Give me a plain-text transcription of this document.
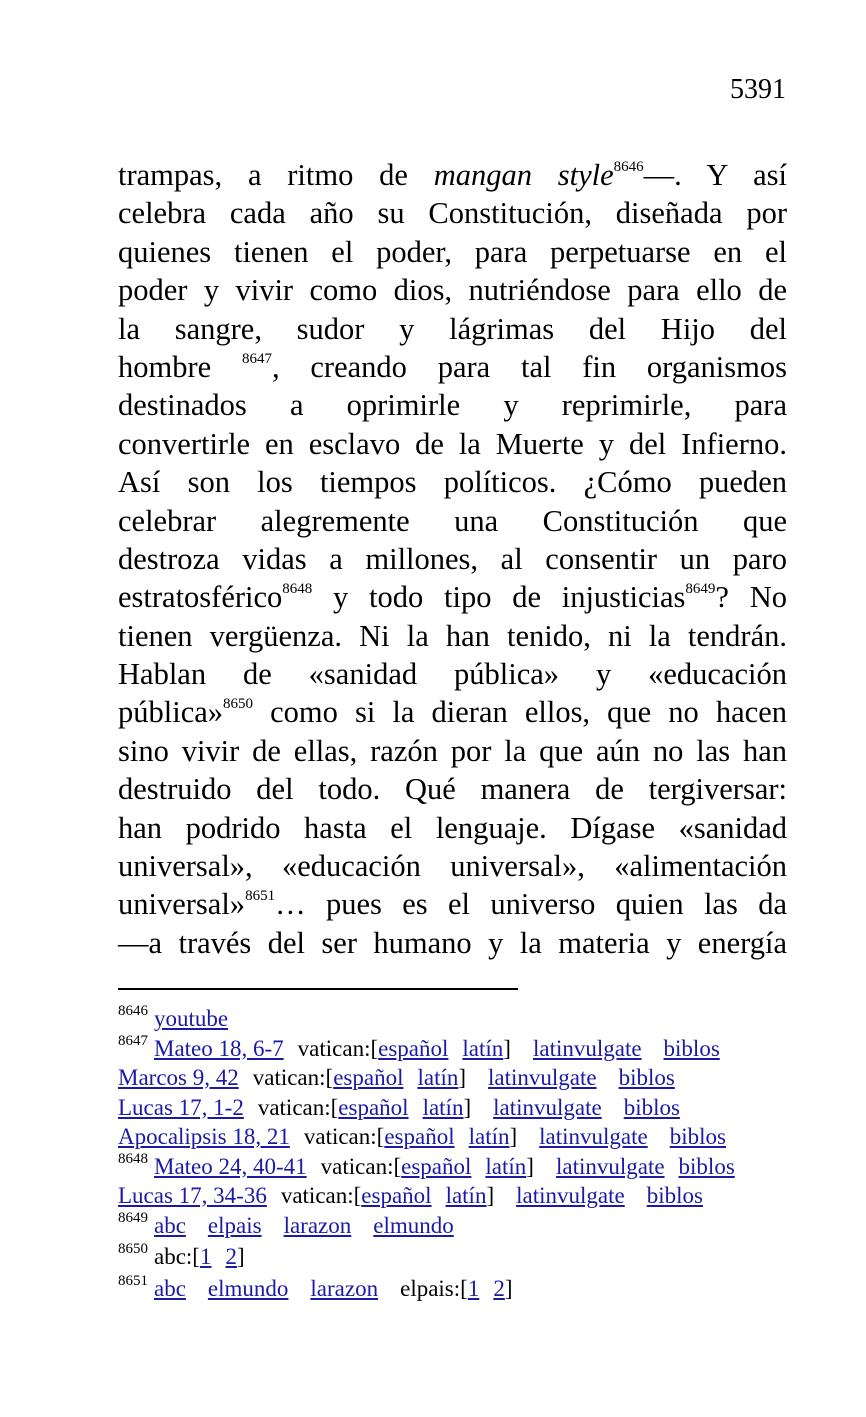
5391
trampas, a ritmo de mangan style$^{8646}$—. Y así
celebra cada año su Constitución, diseñada por
quienes tienen el poder, para perpetuarse en el
poder y vivir como dios, nutriéndose para ello de
la sangre, sudor y lágrimas del Hijo del
hombre $^{8647}$, creando para tal fin organismos
destinados a oprimirle y reprimirle, para
convertirle en esclavo de la Muerte y del Infierno.
Así son los tiempos políticos. ¿Cómo pueden
celebrar alegremente una Constitución que
destroza vidas a millones, al consentir un paro
estratosférico$^{8648}$ y todo tipo de injusticias$^{8649}$? No
tienen vergüenza. Ni la han tenido, ni la tendrán.
Hablan de «sanidad pública» y «educación
pública»$^{8650}$ como si la dieran ellos, que no hacen
sino vivir de ellas, razón por la que aún no las han
destruido del todo. Qué manera de tergiversar:
han podrido hasta el lenguaje. Dígase «sanidad
universal», «educación universal», «alimentación
universal»$^{8651}$… pues es el universo quien las da
—a través del ser humano y la materia y energía
$^{8646}$ youtube
$^{8647}$ Mateo 18, 6-7 vatican:[español latín] latinvulgate biblos
Marcos 9, 42 vatican:[español latín] latinvulgate biblos
Lucas 17, 1-2 vatican:[español latín] latinvulgate biblos
Apocalipsis 18, 21 vatican:[español latín] latinvulgate biblos
$^{8648}$ Mateo 24, 40-41 vatican:[español latín] latinvulgate biblos
Lucas 17, 34-36 vatican:[español latín] latinvulgate biblos
$^{8649}$ abc elpais larazon elmundo
$^{8650}$ abc:[1 2]
$^{8651}$ abc elmundo larazon elpais:[1 2]
